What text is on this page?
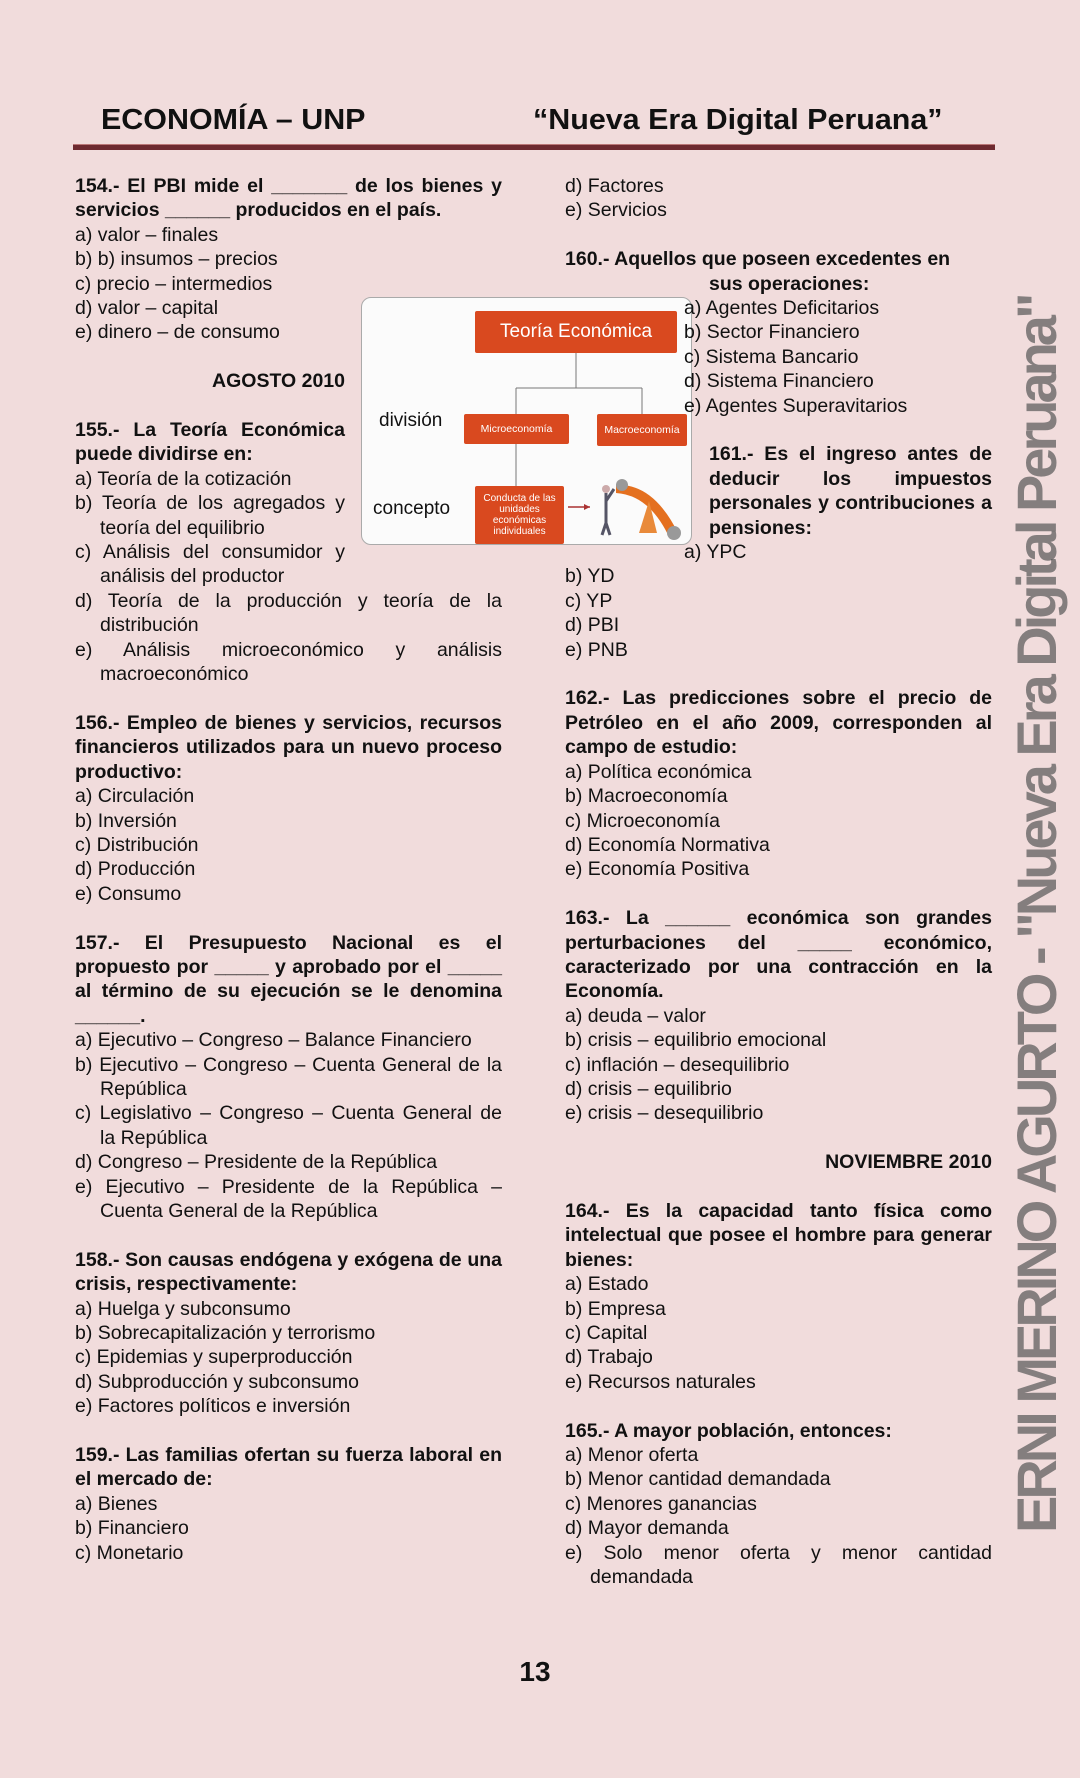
ECONOMÍA – UNP	“Nueva Era Digital Peruana”
154.- El PBI mide el _______ de los bienes y servicios ______ producidos en el país.
a) valor – finales
b) b) insumos – precios
c) precio – intermedios
d) valor – capital
e) dinero – de consumo
AGOSTO 2010
155.- La Teoría Económica puede dividirse en:
a) Teoría de la cotización
b) Teoría de los agregados y teoría del equilibrio
c) Análisis del consumidor y análisis del productor
d) Teoría de la producción y teoría de la distribución
e) Análisis microeconómico y análisis macroeconómico
156.- Empleo de bienes y servicios, recursos financieros utilizados para un nuevo proceso productivo:
a) Circulación
b) Inversión
c) Distribución
d) Producción
e) Consumo
157.- El Presupuesto Nacional es el propuesto por _____ y aprobado por el _____ al término de su ejecución se le denomina ______.
a) Ejecutivo – Congreso – Balance Financiero
b) Ejecutivo – Congreso – Cuenta General de la República
c) Legislativo – Congreso – Cuenta General de la República
d) Congreso – Presidente de la República
e) Ejecutivo – Presidente de la República – Cuenta General de la República
158.- Son causas endógena y exógena de una crisis, respectivamente:
a) Huelga y subconsumo
b) Sobrecapitalización y terrorismo
c) Epidemias y superproducción
d) Subproducción y subconsumo
e) Factores políticos e inversión
159.- Las familias ofertan su fuerza laboral en el mercado de:
a) Bienes
b) Financiero
c) Monetario
Teoría Económica
división
concepto
Microeconomía	Macroeconomía
Conducta de las unidades económicas individuales
d) Factores
e) Servicios
160.- Aquellos que poseen excedentes en
sus operaciones:
a) Agentes Deficitarios
b) Sector Financiero
c) Sistema Bancario
d) Sistema Financiero
e) Agentes Superavitarios
161.- Es el ingreso antes de deducir los impuestos personales y contribuciones a pensiones:
a) YPC
b) YD
c) YP
d) PBI
e) PNB
162.- Las predicciones sobre el precio de Petróleo en el año 2009, corresponden al campo de estudio:
a) Política económica
b) Macroeconomía
c) Microeconomía
d) Economía Normativa
e) Economía Positiva
163.- La ______ económica son grandes perturbaciones del _____ económico, caracterizado por una contracción en la Economía.
a) deuda – valor
b) crisis – equilibrio emocional
c) inflación – desequilibrio
d) crisis – equilibrio
e) crisis – desequilibrio
NOVIEMBRE 2010
164.- Es la capacidad tanto física como intelectual que posee el hombre para generar bienes:
a) Estado
b) Empresa
c) Capital
d) Trabajo
e) Recursos naturales
165.- A mayor población, entonces:
a) Menor oferta
b) Menor cantidad demandada
c) Menores ganancias
d) Mayor demanda
e) Solo menor oferta y menor cantidad demandada
ERNI MERINO AGURTO - "Nueva Era Digital Peruana"
13
